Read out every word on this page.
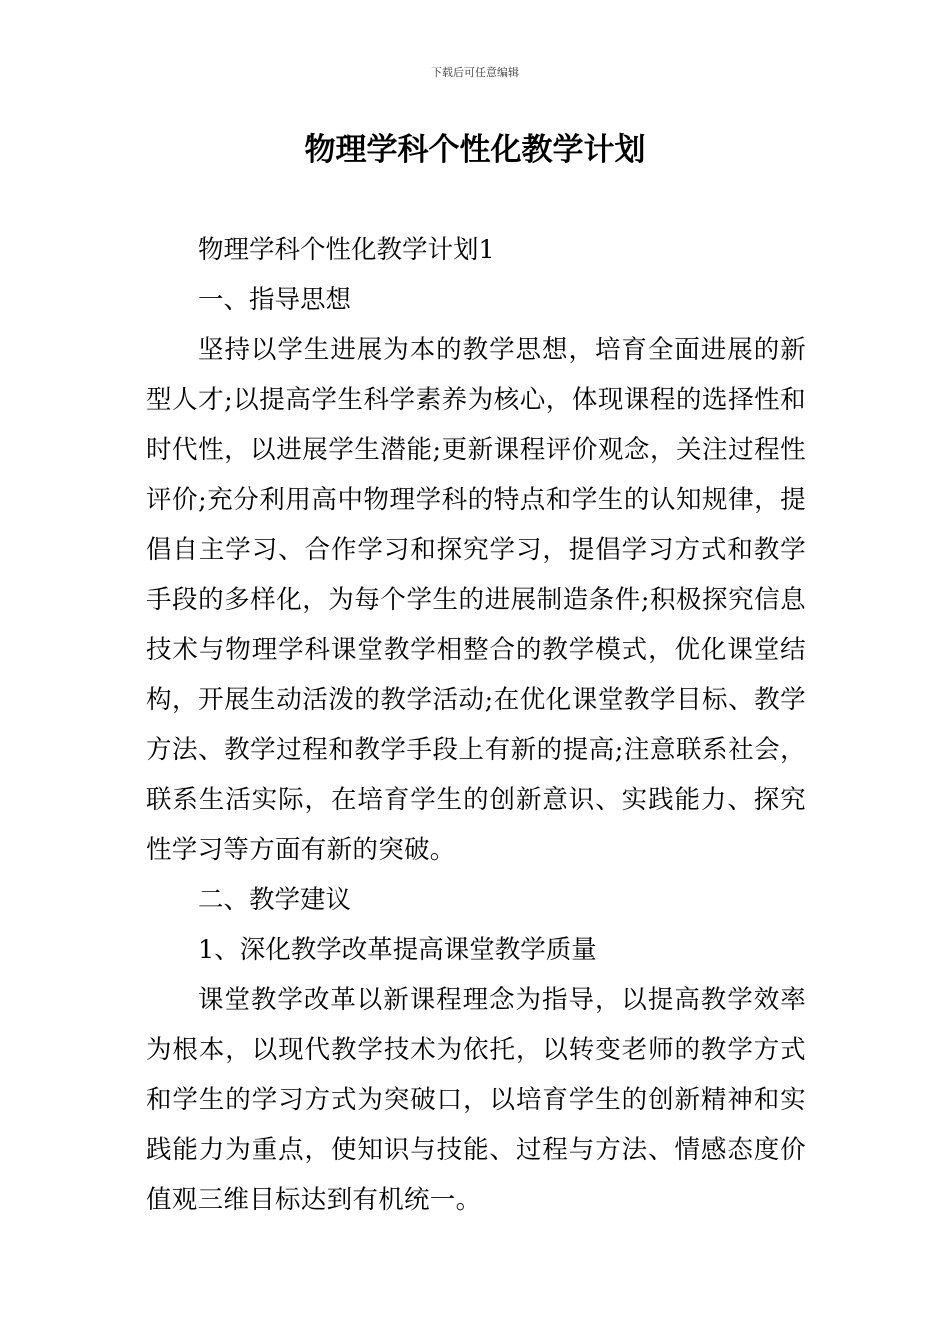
下载后可任意编辑
物理学科个性化教学计划

物理学科个性化教学计划1

一、指导思想

坚持以学生进展为本的教学思想，培育全面进展的新型人才;以提高学生科学素养为核心，体现课程的选择性和时代性，以进展学生潜能;更新课程评价观念，关注过程性评价;充分利用高中物理学科的特点和学生的认知规律，提倡自主学习、合作学习和探究学习，提倡学习方式和教学手段的多样化，为每个学生的进展制造条件;积极探究信息技术与物理学科课堂教学相整合的教学模式，优化课堂结构，开展生动活泼的教学活动;在优化课堂教学目标、教学方法、教学过程和教学手段上有新的提高;注意联系社会，联系生活实际，在培育学生的创新意识、实践能力、探究性学习等方面有新的突破。

二、教学建议

1、深化教学改革提高课堂教学质量

课堂教学改革以新课程理念为指导，以提高教学效率为根本，以现代教学技术为依托，以转变老师的教学方式和学生的学习方式为突破口，以培育学生的创新精神和实践能力为重点，使知识与技能、过程与方法、情感态度价值观三维目标达到有机统一。
